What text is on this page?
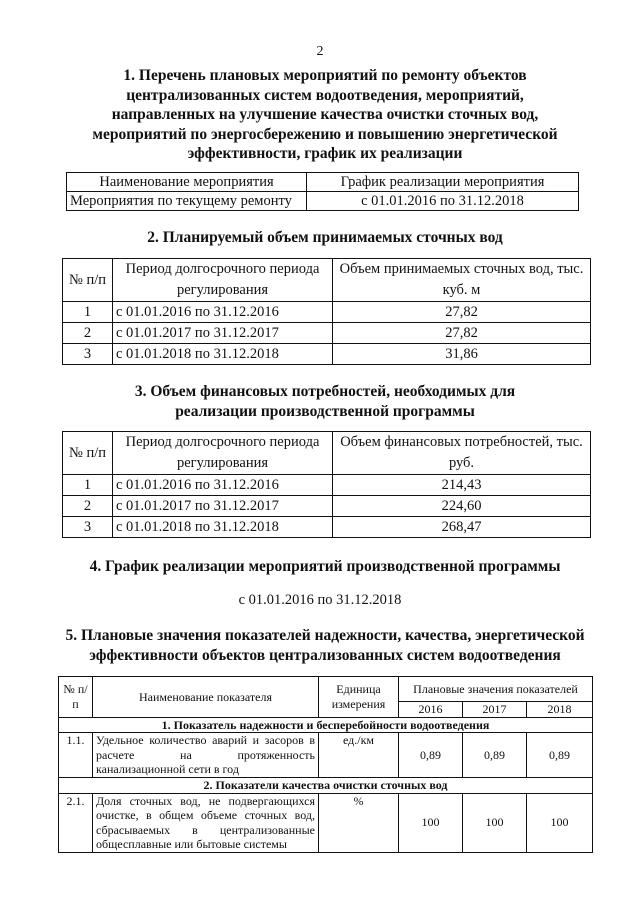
2
1. Перечень плановых мероприятий по ремонту объектов
централизованных систем водоотведения, мероприятий,
направленных на улучшение качества очистки сточных вод,
мероприятий по энергосбережению и повышению энергетической
эффективности, график их реализации
Наименование мероприятия	График реализации мероприятия
Мероприятия по текущему ремонту	с 01.01.2016 по 31.12.2018
2. Планируемый объем принимаемых сточных вод
№ п/п	Период долгосрочного периода регулирования	Объем принимаемых сточных вод, тыс. куб. м
1	с 01.01.2016 по 31.12.2016	27,82
2	с 01.01.2017 по 31.12.2017	27,82
3	с 01.01.2018 по 31.12.2018	31,86
3. Объем финансовых потребностей, необходимых для
реализации производственной программы
№ п/п	Период долгосрочного периода регулирования	Объем финансовых потребностей, тыс. руб.
1	с 01.01.2016 по 31.12.2016	214,43
2	с 01.01.2017 по 31.12.2017	224,60
3	с 01.01.2018 по 31.12.2018	268,47
4. График реализации мероприятий производственной программы
с 01.01.2016 по 31.12.2018
5. Плановые значения показателей надежности, качества, энергетической
эффективности объектов централизованных систем водоотведения
№ п/п	Наименование показателя	Единица измерения	Плановые значения показателей		
			2016	2017	2018
1. Показатель надежности и бесперебойности водоотведения					
1.1.	Удельное количество аварий и засоров в расчете на протяженность канализационной сети в год	ед./км	0,89	0,89	0,89
2. Показатели качества очистки сточных вод					
2.1.	Доля сточных вод, не подвергающихся очистке, в общем объеме сточных вод, сбрасываемых в централизованные общесплавные или бытовые системы	%	100	100	100
